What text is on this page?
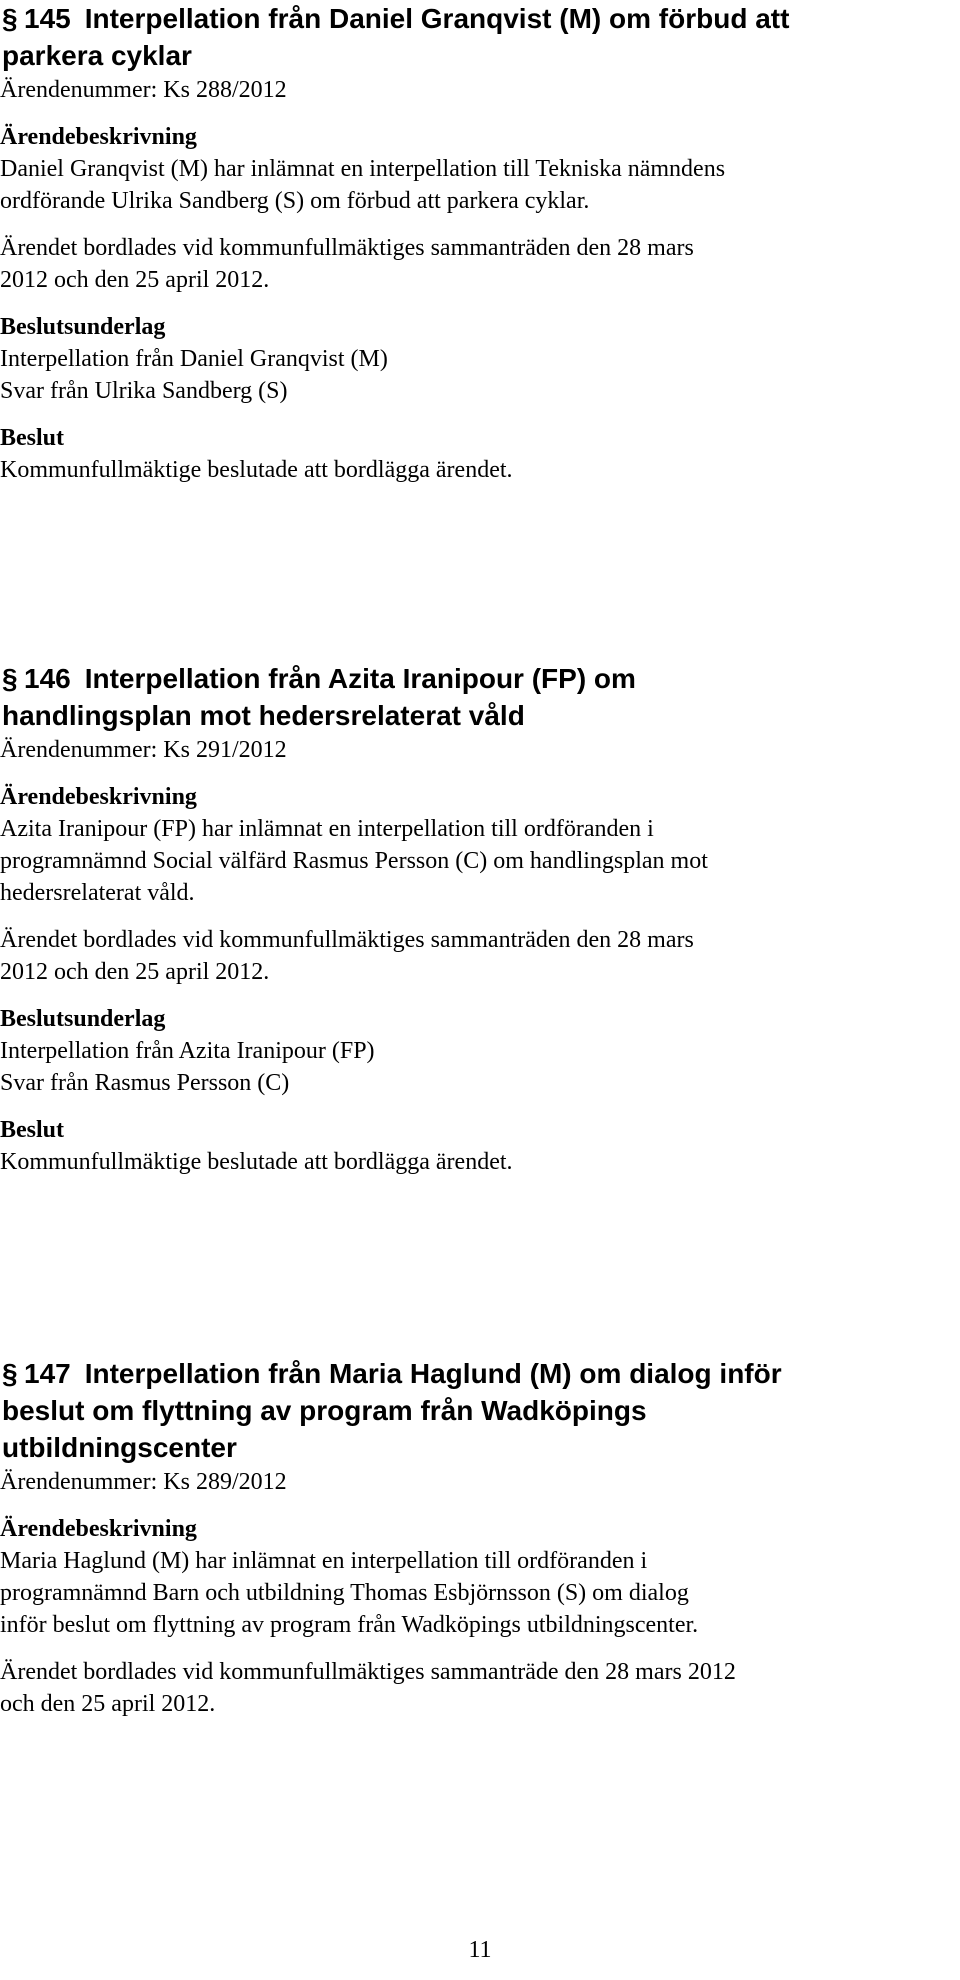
§ 145 Interpellation från Daniel Granqvist (M) om förbud att

parkera cyklar

Ärendenummer: Ks 288/2012

Ärendebeskrivning

Daniel Granqvist (M) har inlämnat en interpellation till Tekniska nämndens

ordförande Ulrika Sandberg (S) om förbud att parkera cyklar.

Ärendet bordlades vid kommunfullmäktiges sammanträden den 28 mars

2012 och den 25 april 2012.

Beslutsunderlag

Interpellation från Daniel Granqvist (M)

Svar från Ulrika Sandberg (S)

Beslut

Kommunfullmäktige beslutade att bordlägga ärendet.

§ 146 Interpellation från Azita Iranipour (FP) om

handlingsplan mot hedersrelaterat våld

Ärendenummer: Ks 291/2012

Ärendebeskrivning

Azita Iranipour (FP) har inlämnat en interpellation till ordföranden i

programnämnd Social välfärd Rasmus Persson (C) om handlingsplan mot

hedersrelaterat våld.

Ärendet bordlades vid kommunfullmäktiges sammanträden den 28 mars

2012 och den 25 april 2012.

Beslutsunderlag

Interpellation från Azita Iranipour (FP)

Svar från Rasmus Persson (C)

Beslut

Kommunfullmäktige beslutade att bordlägga ärendet.

§ 147 Interpellation från Maria Haglund (M) om dialog inför

beslut om flyttning av program från Wadköpings

utbildningscenter

Ärendenummer: Ks 289/2012

Ärendebeskrivning

Maria Haglund (M) har inlämnat en interpellation till ordföranden i

programnämnd Barn och utbildning Thomas Esbjörnsson (S) om dialog

inför beslut om flyttning av program från Wadköpings utbildningscenter.

Ärendet bordlades vid kommunfullmäktiges sammanträde den 28 mars 2012

och den 25 april 2012.

11
